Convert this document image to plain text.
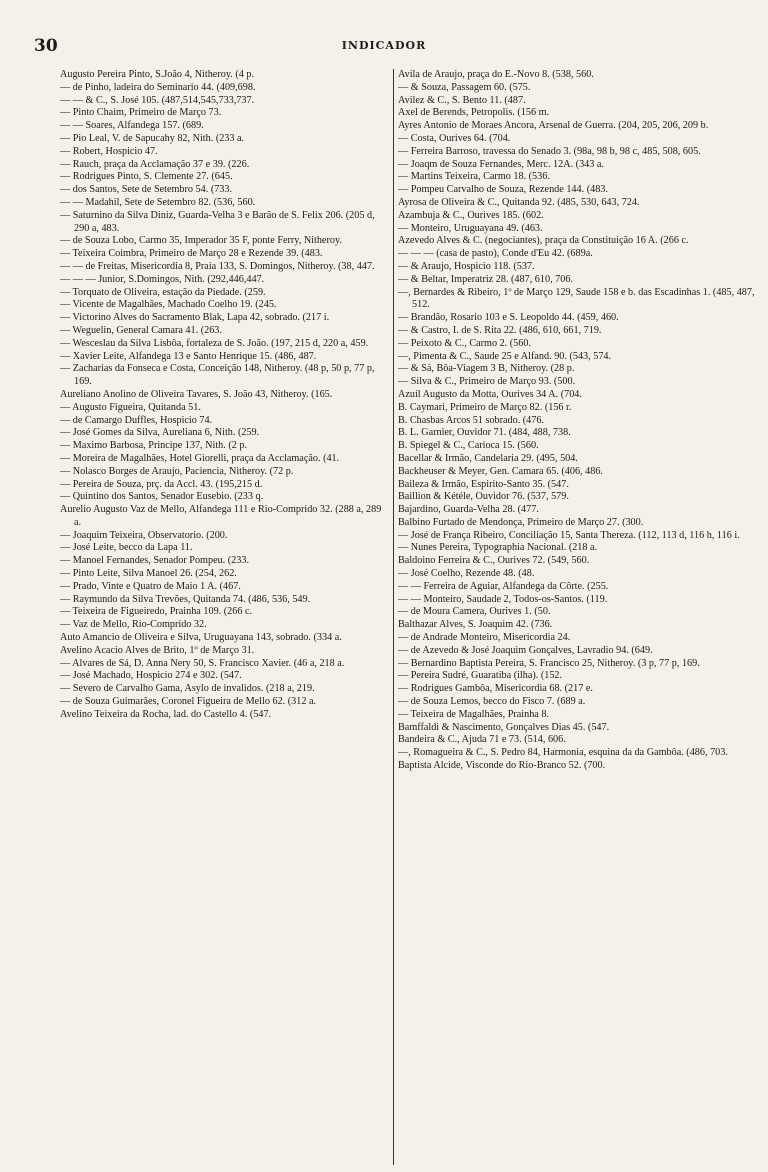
30	INDICADOR

Augusto Pereira Pinto, S.João 4, Nitheroy. (4 p.

— de Pinho, ladeira do Seminario 44. (409,698.

— — & C., S. José 105. (487,514,545,733,737.

— Pinto Chaim, Primeiro de Março 73.

— — Soares, Alfandega 157. (689.

— Pio Leal, V. de Sapucahy 82, Nith. (233 a.

— Robert, Hospicio 47.

— Rauch, praça da Acclamação 37 e 39. (226.

— Rodrigues Pinto, S. Clemente 27. (645.

— dos Santos, Sete de Setembro 54. (733.

— — Madahil, Sete de Setembro 82. (536, 560.

— Saturnino da Silva Diniz, Guarda-Velha 3 e Barão de S. Felix 206. (205 d, 290 a, 483.

— de Souza Lobo, Carmo 35, Imperador 35 F, ponte Ferry, Nitheroy.

— Teixeira Coimbra, Primeiro de Março 28 e Rezende 39. (483.

— — de Freitas, Misericordia 8, Praia 133, S. Domingos, Nitheroy. (38, 447.

— — — Junior, S.Domingos, Nith. (292,446,447.

— Torquato de Oliveira, estação da Piedade. (259.

— Vicente de Magalhães, Machado Coelho 19. (245.

— Victorino Alves do Sacramento Blak, Lapa 42, sobrado. (217 i.

— Weguelin, General Camara 41. (263.

— Wesceslau da Silva Lisbôa, fortaleza de S. João. (197, 215 d, 220 a, 459.

— Xavier Leite, Alfandega 13 e Santo Henrique 15. (486, 487.

— Zacharias da Fonseca e Costa, Conceição 148, Nitheroy. (48 p, 50 p, 77 p, 169.

Aureliano Anolino de Oliveira Tavares, S. João 43, Nitheroy. (165.

— Augusto Figueira, Quitanda 51.

— de Camargo Duffles, Hospicio 74.

— José Gomes da Silva, Aureliana 6, Nith. (259.

— Maximo Barbosa, Principe 137, Nith. (2 p.

— Moreira de Magalhães, Hotel Giorelli, praça da Acclamação. (41.

— Nolasco Borges de Araujo, Paciencia, Nitheroy. (72 p.

— Pereira de Souza, prç. da Accl. 43. (195,215 d.

— Quintino dos Santos, Senador Eusebio. (233 q.

Aurelio Augusto Vaz de Mello, Alfandega 111 e Rio-Comprido 32. (288 a, 289 a.

— Joaquim Teixeira, Observatorio. (200.

— José Leite, becco da Lapa 11.

— Manoel Fernandes, Senador Pompeu. (233.

— Pinto Leite, Silva Manoel 26. (254, 262.

— Prado, Vinte e Quatro de Maio 1 A. (467.

— Raymundo da Silva Trevões, Quitanda 74. (486, 536, 549.

— Teixeira de Figueiredo, Prainha 109. (266 c.

— Vaz de Mello, Rio-Comprido 32.

Auto Amancio de Oliveira e Silva, Uruguayana 143, sobrado. (334 a.

Avelino Acacio Alves de Brito, 1º de Março 31.

— Alvares de Sá, D. Anna Nery 50, S. Francisco Xavier. (46 a, 218 a.

— José Machado, Hospicio 274 e 302. (547.

— Severo de Carvalho Gama, Asylo de invalidos. (218 a, 219.

— de Souza Guimarães, Coronel Figueira de Mello 62. (312 a.

Avelino Teixeira da Rocha, lad. do Castello 4. (547.

Avila de Araujo, praça do E.-Novo 8. (538, 560.

— & Souza, Passagem 60. (575.

Avilez & C., S. Bento 11. (487.

Axel de Berends, Petropolis. (156 m.

Ayres Antonio de Moraes Ancora, Arsenal de Guerra. (204, 205, 206, 209 b.

— Costa, Ourives 64. (704.

— Ferreira Barroso, travessa do Senado 3. (98a, 98 b, 98 c, 485, 508, 605.

— Joaqm de Souza Fernandes, Merc. 12A. (343 a.

— Martins Teixeira, Carmo 18. (536.

— Pompeu Carvalho de Souza, Rezende 144. (483.

Ayrosa de Oliveira & C., Quitanda 92. (485, 530, 643, 724.

Azambuja & C., Ourives 185. (602.

— Monteiro, Uruguayana 49. (463.

Azevedo Alves & C. (negociantes), praça da Constituição 16 A. (266 c.

— — — (casa de pasto), Conde d'Eu 42. (689a.

— & Araujo, Hospicio 118. (537.

— & Beltar, Imperatriz 28. (487, 610, 706.

—, Bernardes & Ribeiro, 1º de Março 129, Saude 158 e b. das Escadinhas 1. (485, 487, 512.

— Brandão, Rosario 103 e S. Leopoldo 44. (459, 460.

— & Castro, I. de S. Rita 22. (486, 610, 661, 719.

— Peixoto & C., Carmo 2. (560.

—, Pimenta & C., Saude 25 e Alfand. 90. (543, 574.

— & Sá, Bôa-Viagem 3 B, Nitheroy. (28 p.

— Silva & C., Primeiro de Março 93. (500.

Azuil Augusto da Motta, Ourives 34 A. (704.

B. Caymari, Primeiro de Março 82. (156 r.

B. Chasbas Arcos 51 sobrado. (476.

B. L. Garnier, Ouvidor 71. (484, 488, 738.

B. Spiegel & C., Carioca 15. (560.

Bacellar & Irmão, Candelaria 29. (495, 504.

Backheuser & Meyer, Gen. Camara 65. (406, 486.

Baileza & Irmão, Espirito-Santo 35. (547.

Baillion & Kétéle, Ouvidor 76. (537, 579.

Bajardino, Guarda-Velha 28. (477.

Balbino Furtado de Mendonça, Primeiro de Março 27. (300.

— José de França Ribeiro, Conciliação 15, Santa Thereza. (112, 113 d, 116 h, 116 i.

— Nunes Pereira, Typographia Nacional. (218 a.

Baldoino Ferreira & C., Ourives 72. (549, 560.

— José Coelho, Rezende 48. (48.

— — Ferreira de Aguiar, Alfandega da Côrte. (255.

— — Monteiro, Saudade 2, Todos-os-Santos. (119.

— de Moura Camera, Ourives 1. (50.

Balthazar Alves, S. Joaquim 42. (736.

— de Andrade Monteiro, Misericordia 24.

— de Azevedo & José Joaquim Gonçalves, Lavradio 94. (649.

— Bernardino Baptista Pereira, S. Francisco 25, Nitheroy. (3 p, 77 p, 169.

— Pereira Sudré, Guaratiba (ilha). (152.

— Rodrigues Gambôa, Misericordia 68. (217 e.

— de Souza Lemos, becco do Fisco 7. (689 a.

— Teixeira de Magalhães, Prainha 8.

Bamffaldi & Nascimento, Gonçalves Dias 45. (547.

Bandeira & C., Ajuda 71 e 73. (514, 606.

—, Romagueira & C., S. Pedro 84, Harmonia, esquina da da Gambôa. (486, 703.

Baptista Alcide, Visconde do Rio-Branco 52. (700.
